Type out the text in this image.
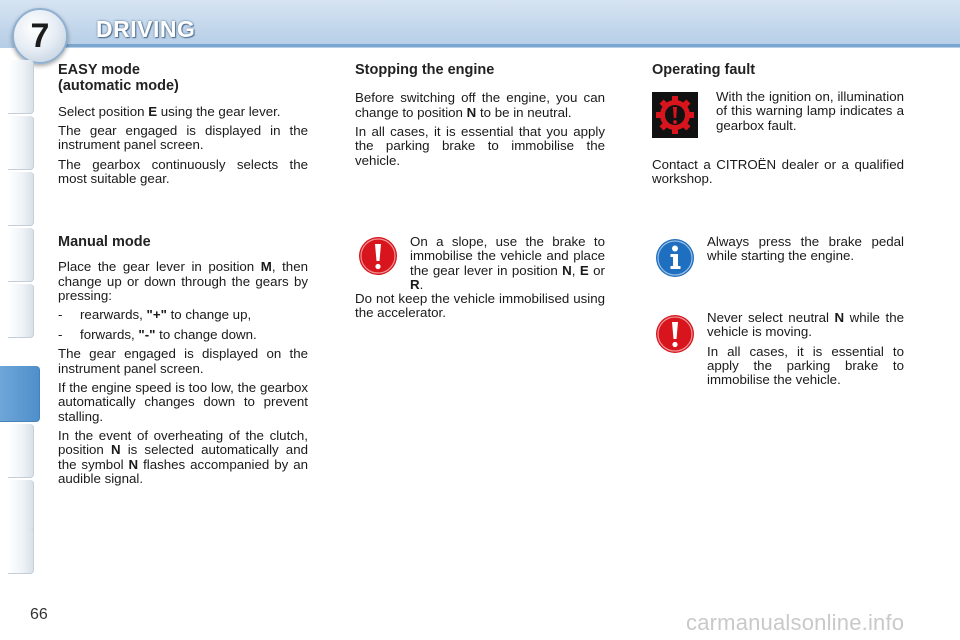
7 DRIVING
EASY mode
(automatic mode)

Select position E using the gear lever.

The gear engaged is displayed in the instrument panel screen.

The gearbox continuously selects the most suitable gear.

Manual mode

Place the gear lever in position M, then change up or down through the gears by pressing:

-	rearwards, "+" to change up,
-	forwards, "-" to change down.

The gear engaged is displayed on the instrument panel screen.

If the engine speed is too low, the gearbox automatically changes down to prevent stalling.

In the event of overheating of the clutch, position N is selected automatically and the symbol N flashes accompanied by an audible signal.

Stopping the engine

Before switching off the engine, you can change to position N to be in neutral.

In all cases, it is essential that you apply the parking brake to immobilise the vehicle.

On a slope, use the brake to immobilise the vehicle and place the gear lever in position N, E or R.

Do not keep the vehicle immobilised using the accelerator.

Operating fault

With the ignition on, illumination of this warning lamp indicates a gearbox fault.

Contact a CITROËN dealer or a qualified workshop.

Always press the brake pedal while starting the engine.

Never select neutral N while the vehicle is moving.

In all cases, it is essential to apply the parking brake to immobilise the vehicle.

66	carmanualsonline.info
